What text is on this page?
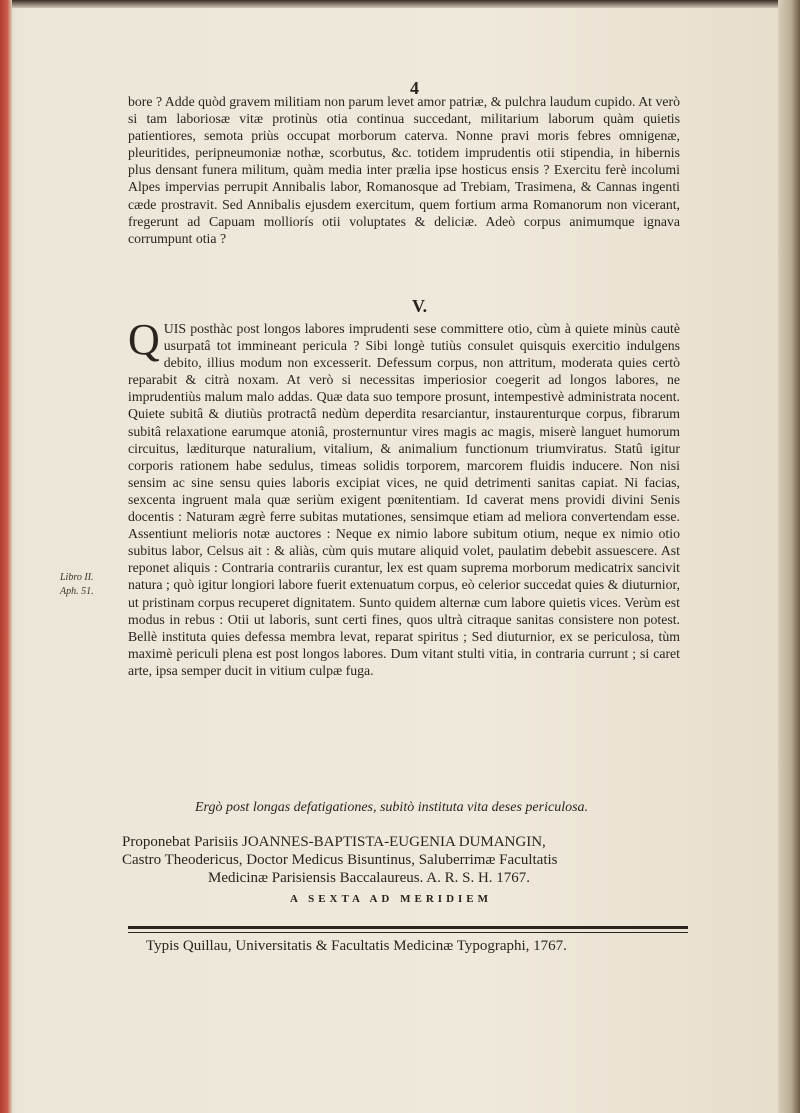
4
bore ? Adde quòd gravem militiam non parum levet amor patriæ, & pulchra laudum cupido. At verò si tam laboriosæ vitæ protinùs otia continua succedant, militarium laborum quàm quietis patientiores, semota priùs occupat morborum caterva. Nonne pravi moris febres omnigenæ, pleuritides, peripneumoniæ nothæ, scorbutus, &c. totidem imprudentis otii stipendia, in hibernis plus densant funera militum, quàm media inter prælia ipse hosticus ensis ? Exercitu ferè incolumi Alpes impervias perrupit Annibalis labor, Romanosque ad Trebiam, Trasimena, & Cannas ingenti cæde prostravit. Sed Annibalis ejusdem exercitum, quem fortium arma Romanorum non vicerant, fregerunt ad Capuam molliorís otii voluptates & deliciæ. Adeò corpus animumque ignava corrumpunt otia ?
V.
Q UIS posthàc post longos labores imprudenti sese committere otio, cùm à quiete minùs cautè usurpatâ tot immineant pericula ? Sibi longè tutiùs consulet quisquis exercitio indulgens debito, illius modum non excesserit. Defessum corpus, non attritum, moderata quies certò reparabit & citrà noxam. At verò si necessitas imperiosior coegerit ad longos labores, ne imprudentiùs malum malo addas. Quæ data suo tempore prosunt, intempestivè administrata nocent. Quiete subitâ & diutiùs protractâ nedùm deperdita resarciantur, instaurenturque corpus, fibrarum subitâ relaxatione earumque atoniâ, prosternuntur vires magis ac magis, miserè languet humorum circuitus, læditurque naturalium, vitalium, & animalium functionum triumviratus. Statû igitur corporis rationem habe sedulus, timeas solidis torporem, marcorem fluidis inducere. Non nisi sensim ac sine sensu quies laboris excipiat vices, ne quid detrimenti sanitas capiat. Ni facias, sexcenta ingruent mala quæ seriùm exigent pœnitentiam. Id caverat mens providi divini Senis docentis : Naturam ægrè ferre subitas mutationes, sensimque etiam ad meliora convertendam esse. Assentiunt melioris notæ auctores : Neque ex nimio labore subitum otium, neque ex nimio otio subitus labor, Celsus ait : & aliàs, cùm quis mutare aliquid volet, paulatim debebit assuescere. Ast reponet aliquis : Contraria contrariis curantur, lex est quam suprema morborum medicatrix sancivit natura ; quò igitur longiori labore fuerit extenuatum corpus, eò celerior succedat quies & diuturnior, ut pristinam corpus recuperet dignitatem. Sunto quidem alternæ cum labore quietis vices. Verùm est modus in rebus : Otii ut laboris, sunt certi fines, quos ultrà citraque sanitas consistere non potest. Bellè instituta quies defessa membra levat, reparat spiritus ; Sed diuturnior, ex se periculosa, tùm maximè periculi plena est post longos labores. Dum vitant stulti vitia, in contraria currunt ; si caret arte, ipsa semper ducit in vitium culpæ fuga.
Libro II.
Aph. 51.
Ergò post longas defatigationes, subitò instituta vita deses periculosa.
Proponebat Parisiis JOANNES-BAPTISTA-EUGENIA DUMANGIN,
Castro Theodericus, Doctor Medicus Bisuntinus, Saluberrimæ Facultatis
Medicinæ Parisiensis Baccalaureus. A. R. S. H. 1767.
A SEXTA AD MERIDIEM
Typis Quillau, Universitatis & Facultatis Medicinæ Typographi, 1767.
